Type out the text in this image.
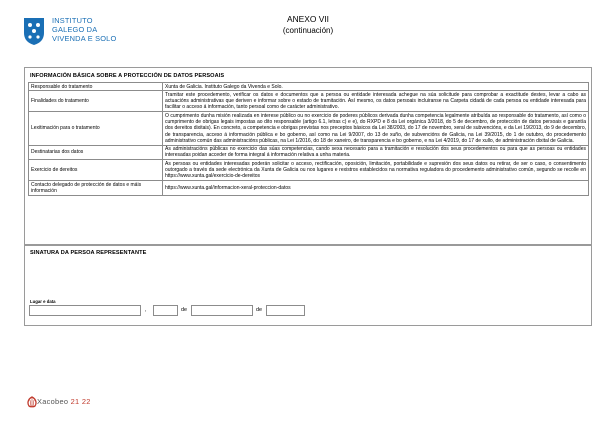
INSTITUTO
GALEGO DA
VIVENDA E SOLO
ANEXO VII
(continuación)
INFORMACIÓN BÁSICA SOBRE A PROTECCIÓN DE DATOS PERSOAIS
Responsable do tratamento	Xunta de Galicia. Instituto Galego da Vivenda e Solo.
Finalidades do tratamento	Tramitar este procedemento, verificar os datos e documentos que a persoa ou entidade interesada achegue na súa solicitude para comprobar a exactitude destes, levar a cabo as actuacións administrativas que deriven e informar sobre o estado de tramitación. Así mesmo, os datos persoais incluiranse na Carpeta cidadá de cada persoa ou entidade interesada para facilitar o acceso á información, tanto persoal como de carácter administrativo.
Lexitimación para o tratamento	O cumprimento dunha misión realizada en interese público ou no exercicio de poderes públicos derivada dunha competencia legalmente atribuída ao responsable do tratamento, así como o cumprimento de obrigas legais impostas ao dito responsable (artigo 6.1, letras c) e e), do RXPD e 8 da Lei orgánica 3/2018, do 5 de decembro, de protección de datos persoais e garantía dos dereitos dixitais). En concreto, a competencia e obrigas previstas nos preceptos básicos da Lei 38/2003, do 17 de novembro, xeral de subvencións, e da Lei 19/2013, do 9 de decembro, de transparencia, acceso á información pública e bo goberno, así como na Lei 9/2007, do 13 de xuño, de subvencións de Galicia, na Lei 39/2015, do 1 de outubro, do procedemento administrativo común das administracións públicas, na Lei 1/2016, do 18 de xaneiro, de transparencia e bo goberno, e na Lei 4/2019, do 17 de xullo, de administración dixital de Galicia.
Destinatarias dos datos	As administracións públicas no exercicio das súas competencias, cando sexa necesario para a tramitación e resolución dos seus procedementos ou para que as persoas ou entidades interesadas poidan acceder de forma integral á información relativa a unha materia.
Exercicio de dereitos	As persoas ou entidades interesadas poderán solicitar o acceso, rectificación, oposición, limitación, portabilidade e supresión dos seus datos ou retirar, de ser o caso, o consentimento outorgado a través da sede electrónica da Xunta de Galicia ou nos lugares e rexistros establecidos na normativa reguladora do procedemento administrativo común, segundo se recolle en https://www.xunta.gal/exercicio-de-dereitos
Contacto delegado de protección de datos e máis información	https://www.xunta.gal/informacion-xeral-proteccion-datos
SINATURA DA PERSOA REPRESENTANTE
Lugar e data
,	de	de
Xacobeo 21 22
